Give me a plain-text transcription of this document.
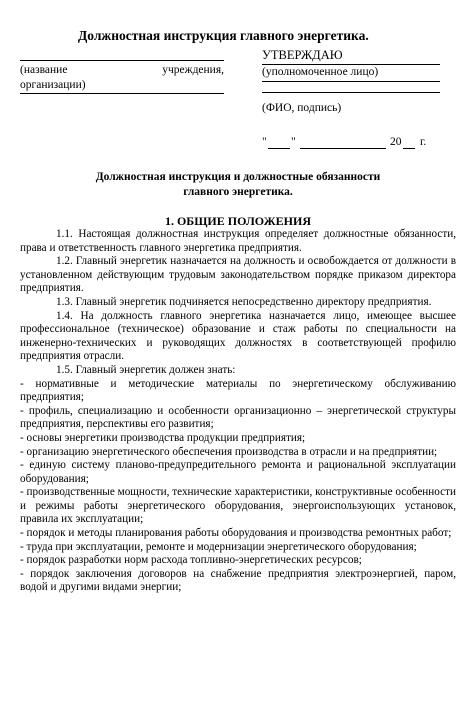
Должностная инструкция главного энергетика.
УТВЕРЖДАЮ
(уполномоченное лицо)
(ФИО, подпись)
" "	20 г.
(название	учреждения,
организации)
Должностная инструкция и должностные обязанности
главного энергетика.

1. ОБЩИЕ ПОЛОЖЕНИЯ

1.1. Настоящая должностная инструкция определяет должностные обязанности, права и ответственность главного энергетика предприятия.

1.2. Главный энергетик назначается на должность и освобождается от должности в установленном действующим трудовым законодательством порядке приказом директора предприятия.

1.3. Главный энергетик подчиняется непосредственно директору предприятия.

1.4. На должность главного энергетика назначается лицо, имеющее высшее профессиональное (техническое) образование и стаж работы по специальности на инженерно-технических и руководящих должностях в соответствующей профилю предприятия отрасли.

1.5. Главный энергетик должен знать:

- нормативные и методические материалы по энергетическому обслуживанию предприятия;

- профиль, специализацию и особенности организационно – энергетической структуры предприятия, перспективы его развития;

- основы энергетики производства продукции предприятия;

- организацию энергетического обеспечения производства в отрасли и на предприятии;

- единую систему планово-предупредительного ремонта и рациональной эксплуатации оборудования;

- производственные мощности, технические характеристики, конструктивные особенности и режимы работы энергетического оборудования, энергоиспользующих установок, правила их эксплуатации;

- порядок и методы планирования работы оборудования и производства ремонтных работ;

- труда при эксплуатации, ремонте и модернизации энергетического оборудования;

- порядок разработки норм расхода топливно-энергетических ресурсов;

- порядок заключения договоров на снабжение предприятия электроэнергией, паром, водой и другими видами энергии;
